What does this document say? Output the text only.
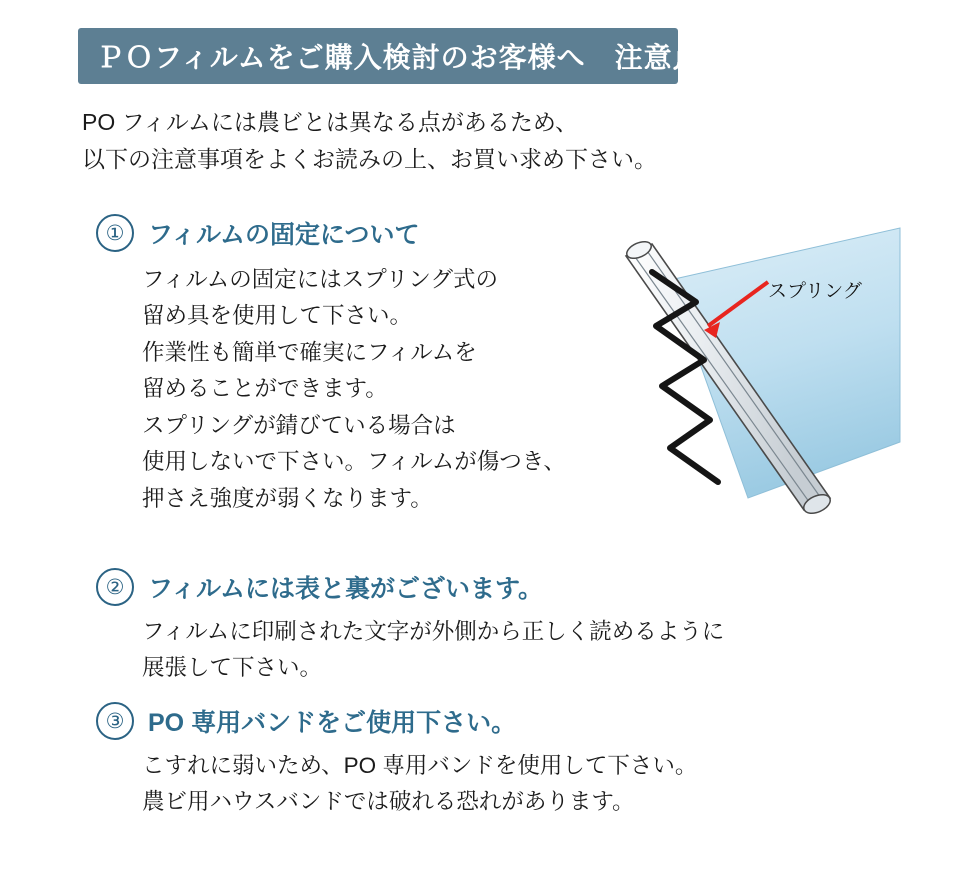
ＰＯフィルムをご購入検討のお客様へ　注意点
PO フィルムには農ビとは異なる点があるため、
以下の注意事項をよくお読みの上、お買い求め下さい。
① フィルムの固定について
フィルムの固定にはスプリング式の
留め具を使用して下さい。
作業性も簡単で確実にフィルムを
留めることができます。
スプリングが錆びている場合は
使用しないで下さい。フィルムが傷つき、
押さえ強度が弱くなります。
スプリング
② フィルムには表と裏がございます。
フィルムに印刷された文字が外側から正しく読めるように
展張して下さい。
③ PO 専用バンドをご使用下さい。
こすれに弱いため、PO 専用バンドを使用して下さい。
農ビ用ハウスバンドでは破れる恐れがあります。
